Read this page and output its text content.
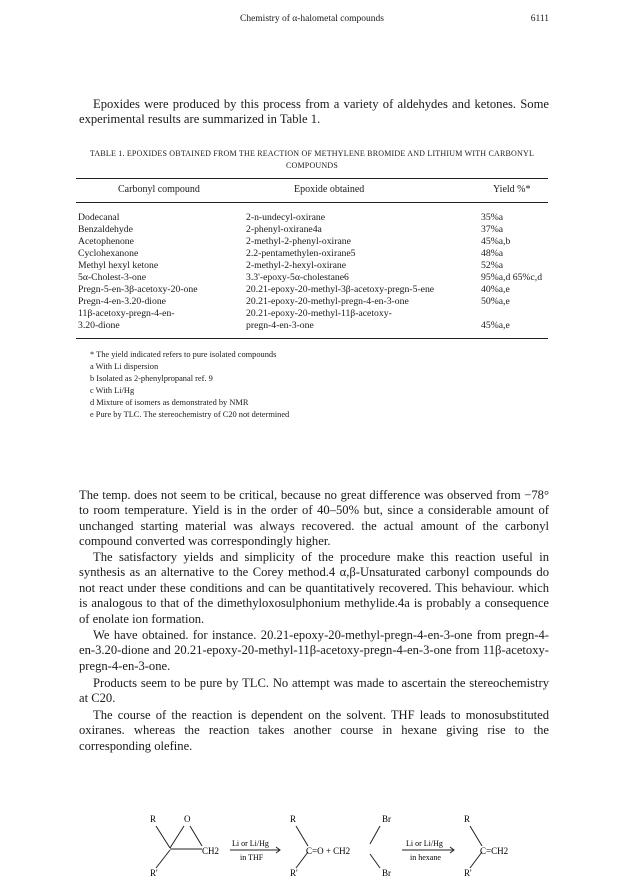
Chemistry of α-halometal compounds	6111
Epoxides were produced by this process from a variety of aldehydes and ketones. Some experimental results are summarized in Table 1.
TABLE 1. EPOXIDES OBTAINED FROM THE REACTION OF METHYLENE BROMIDE AND LITHIUM WITH CARBONYL COMPOUNDS
Carbonyl compound	Epoxide obtained	Yield %*
Dodecanal	2-n-undecyl-oxirane	35%a
Benzaldehyde	2-phenyl-oxirane4a	37%a
Acetophenone	2-methyl-2-phenyl-oxirane	45%a,b
Cyclohexanone	2.2-pentamethylen-oxirane5	48%a
Methyl hexyl ketone	2-methyl-2-hexyl-oxirane	52%a
5α-Cholest-3-one	3.3'-epoxy-5α-cholestane6	95%a,d 65%c,d
Pregn-5-en-3β-acetoxy-20-one	20.21-epoxy-20-methyl-3β-acetoxy-pregn-5-ene	40%a,e
Pregn-4-en-3.20-dione	20.21-epoxy-20-methyl-pregn-4-en-3-one	50%a,e
11β-acetoxy-pregn-4-en-	20.21-epoxy-20-methyl-11β-acetoxy-
3.20-dione	pregn-4-en-3-one	45%a,e
* The yield indicated refers to pure isolated compounds
a With Li dispersion
b Isolated as 2-phenylpropanal ref. 9
c With Li/Hg
d Mixture of isomers as demonstrated by NMR
e Pure by TLC. The stereochemistry of C20 not determined
The temp. does not seem to be critical, because no great difference was observed from −78° to room temperature. Yield is in the order of 40–50% but, since a considerable amount of unchanged starting material was always recovered. the actual amount of the carbonyl compound converted was correspondingly higher.
The satisfactory yields and simplicity of the procedure make this reaction useful in synthesis as an alternative to the Corey method.4 α,β-Unsaturated carbonyl compounds do not react under these conditions and can be quantitatively recovered. This behaviour. which is analogous to that of the dimethyloxosulphonium methylide.4a is probably a consequence of enolate ion formation.
We have obtained. for instance. 20.21-epoxy-20-methyl-pregn-4-en-3-one from pregn-4-en-3.20-dione and 20.21-epoxy-20-methyl-11β-acetoxy-pregn-4-en-3-one from 11β-acetoxy-pregn-4-en-3-one.
Products seem to be pure by TLC. No attempt was made to ascertain the stereochemistry at C20.
The course of the reaction is dependent on the solvent. THF leads to monosubstituted oxiranes. whereas the reaction takes another course in hexane giving rise to the corresponding olefine.
R	O
R'
CH2
Li or Li/Hg
in THF
R
R'
C=O + CH2
Br
Br
Li or Li/Hg
in hexane
R
R'
C=CH2
